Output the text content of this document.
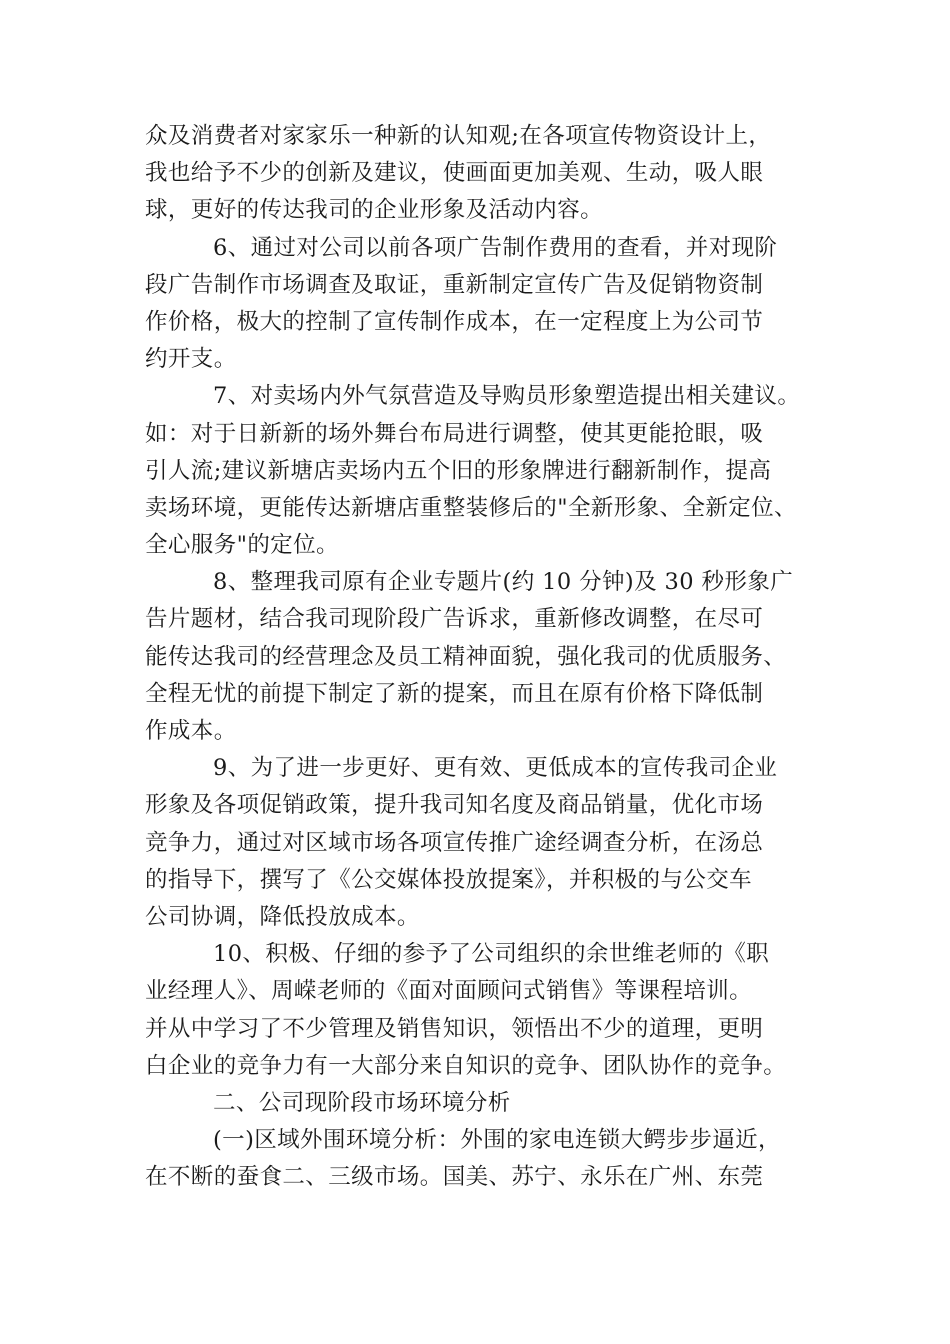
众及消费者对家家乐一种新的认知观;在各项宣传物资设计上，
我也给予不少的创新及建议，使画面更加美观、生动，吸人眼
球，更好的传达我司的企业形象及活动内容。
6、通过对公司以前各项广告制作费用的查看，并对现阶
段广告制作市场调查及取证，重新制定宣传广告及促销物资制
作价格，极大的控制了宣传制作成本，在一定程度上为公司节
约开支。
7、对卖场内外气氛营造及导购员形象塑造提出相关建议。
如：对于日新新的场外舞台布局进行调整，使其更能抢眼，吸
引人流;建议新塘店卖场内五个旧的形象牌进行翻新制作，提高
卖场环境，更能传达新塘店重整装修后的"全新形象、全新定位、
全心服务"的定位。
8、整理我司原有企业专题片(约 10 分钟)及 30 秒形象广
告片题材，结合我司现阶段广告诉求，重新修改调整，在尽可
能传达我司的经营理念及员工精神面貌，强化我司的优质服务、
全程无忧的前提下制定了新的提案，而且在原有价格下降低制
作成本。
9、为了进一步更好、更有效、更低成本的宣传我司企业
形象及各项促销政策，提升我司知名度及商品销量，优化市场
竞争力，通过对区域市场各项宣传推广途经调查分析，在汤总
的指导下，撰写了《公交媒体投放提案》，并积极的与公交车
公司协调，降低投放成本。
10、积极、仔细的参予了公司组织的余世维老师的《职
业经理人》、周嵘老师的《面对面顾问式销售》等课程培训。
并从中学习了不少管理及销售知识，领悟出不少的道理，更明
白企业的竞争力有一大部分来自知识的竞争、团队协作的竞争。
二、公司现阶段市场环境分析
(一)区域外围环境分析：外围的家电连锁大鳄步步逼近，
在不断的蚕食二、三级市场。国美、苏宁、永乐在广州、东莞
